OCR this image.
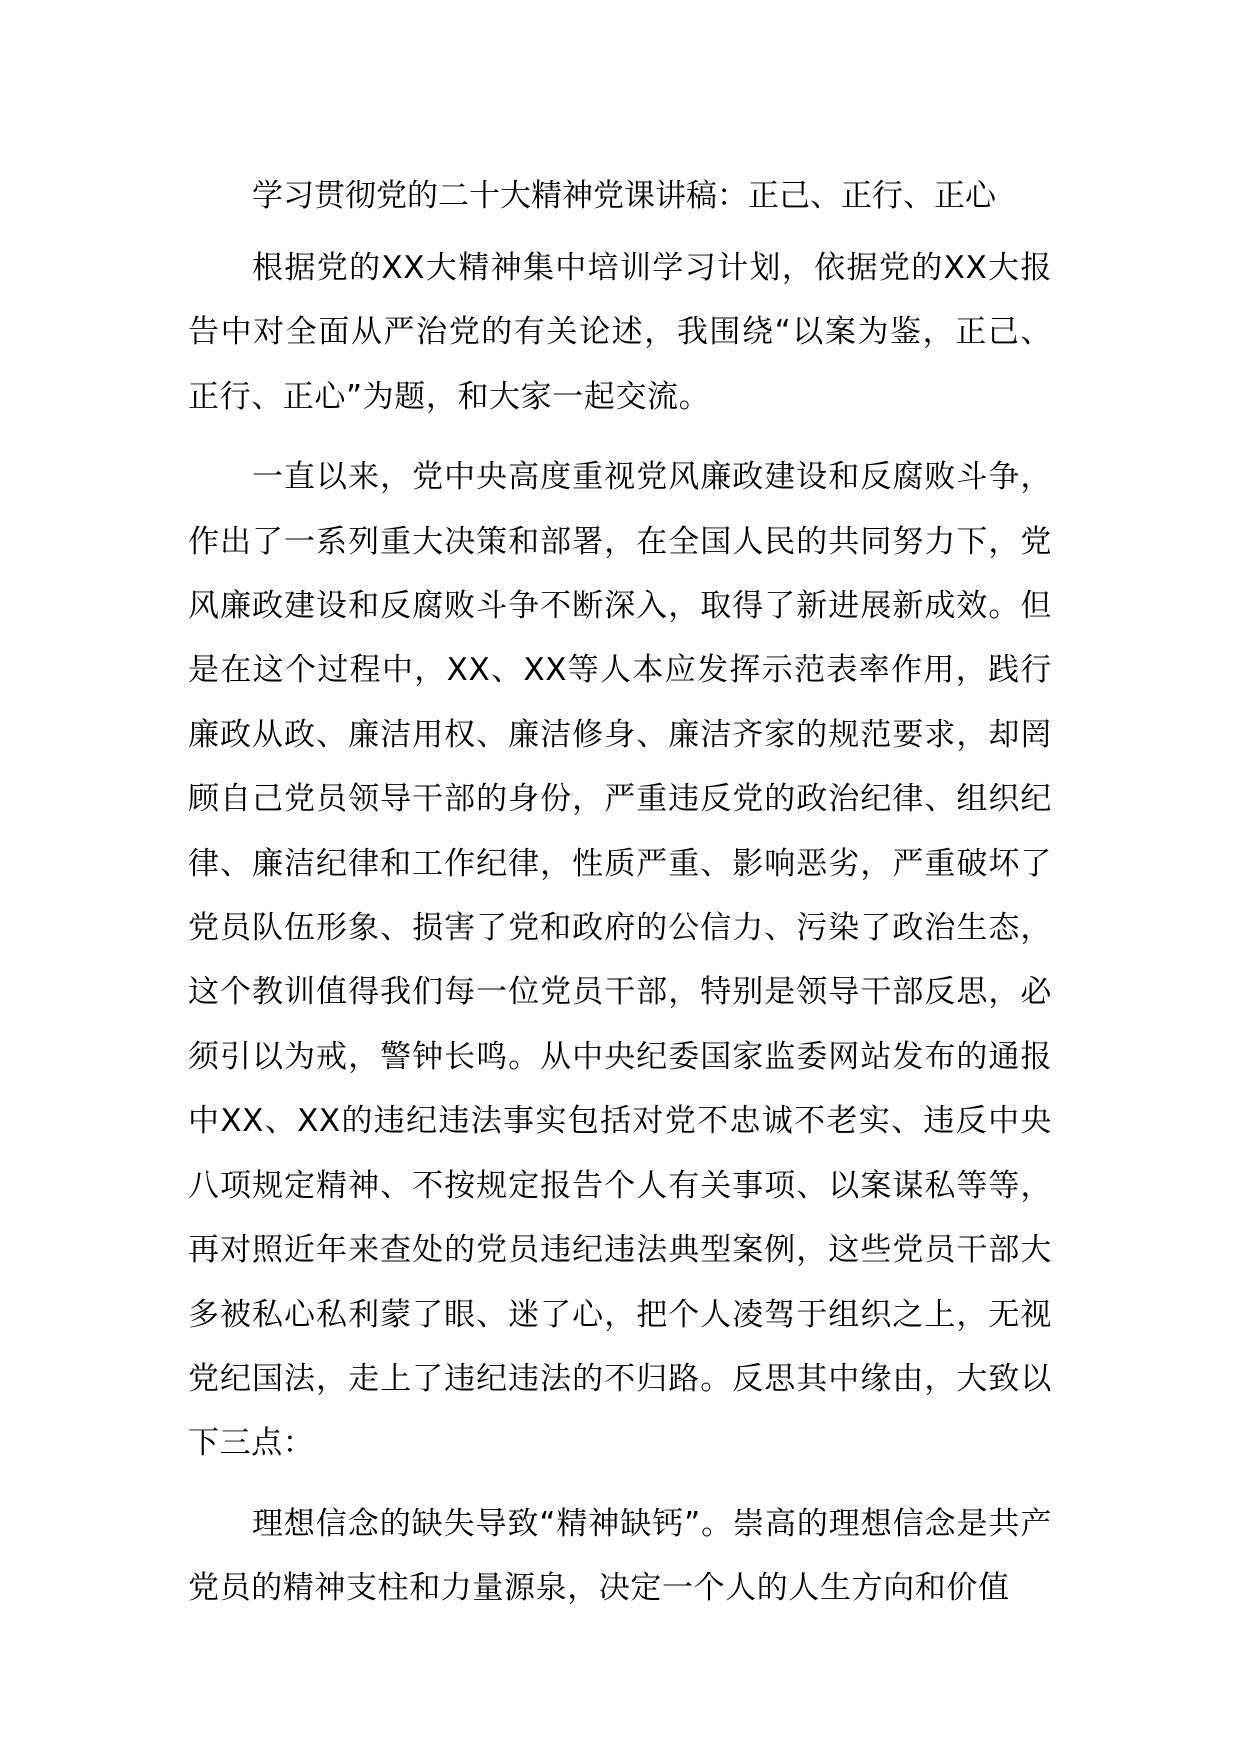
学习贯彻党的二十大精神党课讲稿：正己、正行、正心

根据党的XX大精神集中培训学习计划，依据党的XX大报告中对全面从严治党的有关论述，我围绕“以案为鉴，正己、正行、正心”为题，和大家一起交流。

一直以来，党中央高度重视党风廉政建设和反腐败斗争，作出了一系列重大决策和部署，在全国人民的共同努力下，党风廉政建设和反腐败斗争不断深入，取得了新进展新成效。但是在这个过程中，XX、XX等人本应发挥示范表率作用，践行廉政从政、廉洁用权、廉洁修身、廉洁齐家的规范要求，却罔顾自己党员领导干部的身份，严重违反党的政治纪律、组织纪律、廉洁纪律和工作纪律，性质严重、影响恶劣，严重破坏了党员队伍形象、损害了党和政府的公信力、污染了政治生态，这个教训值得我们每一位党员干部，特别是领导干部反思，必须引以为戒，警钟长鸣。从中央纪委国家监委网站发布的通报中XX、XX的违纪违法事实包括对党不忠诚不老实、违反中央八项规定精神、不按规定报告个人有关事项、以案谋私等等，再对照近年来查处的党员违纪违法典型案例，这些党员干部大多被私心私利蒙了眼、迷了心，把个人凌驾于组织之上，无视党纪国法，走上了违纪违法的不归路。反思其中缘由，大致以下三点：

理想信念的缺失导致“精神缺钙”。崇高的理想信念是共产党员的精神支柱和力量源泉，决定一个人的人生方向和价值
